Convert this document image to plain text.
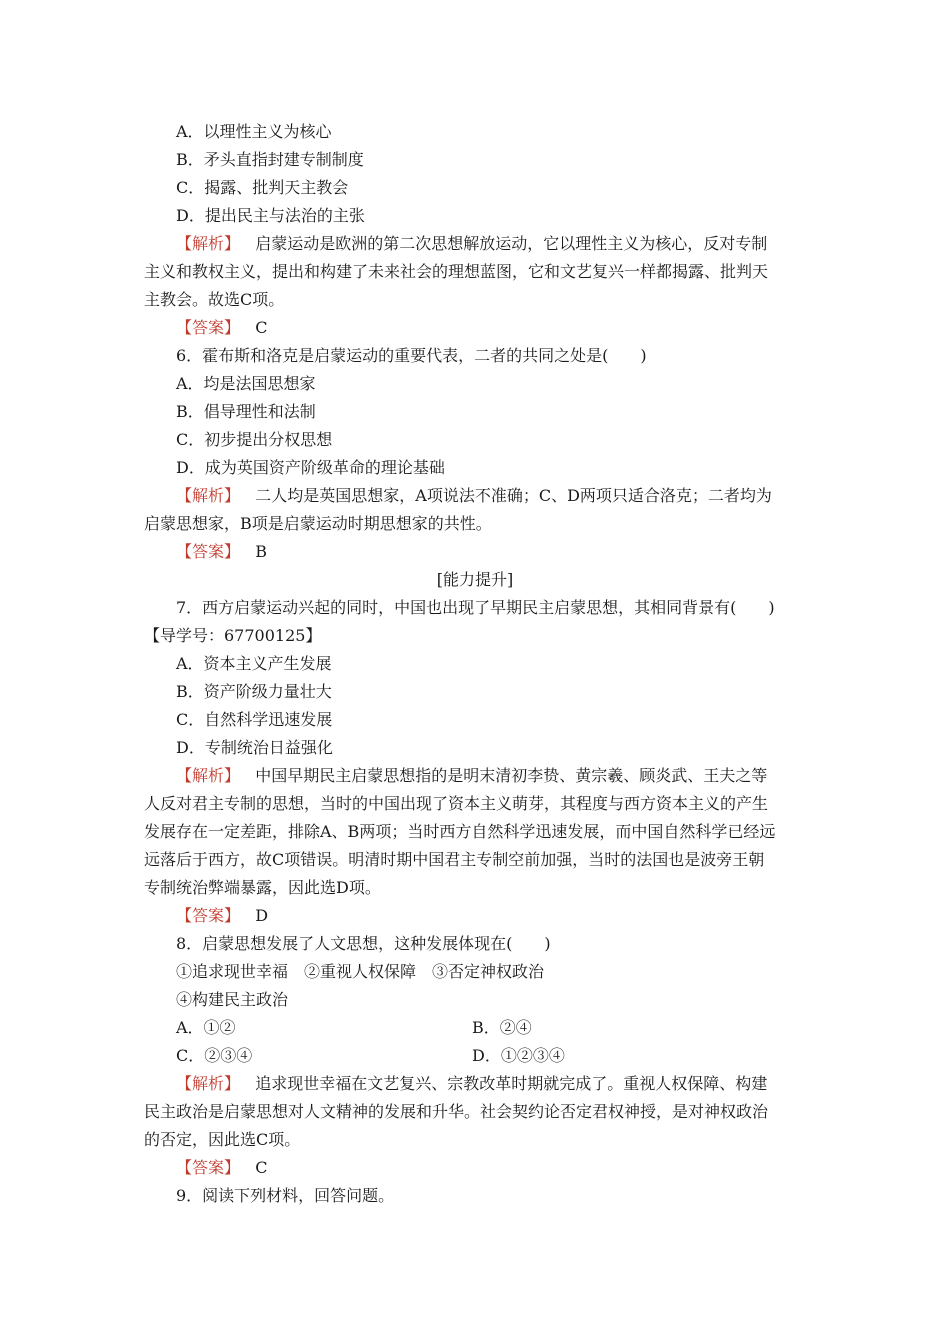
A．以理性主义为核心
B．矛头直指封建专制制度
C．揭露、批判天主教会
D．提出民主与法治的主张
【解析】 启蒙运动是欧洲的第二次思想解放运动，它以理性主义为核心，反对专制
主义和教权主义，提出和构建了未来社会的理想蓝图，它和文艺复兴一样都揭露、批判天
主教会。故选C项。
【答案】 C
6．霍布斯和洛克是启蒙运动的重要代表，二者的共同之处是(　　)
A．均是法国思想家
B．倡导理性和法制
C．初步提出分权思想
D．成为英国资产阶级革命的理论基础
【解析】 二人均是英国思想家，A项说法不准确；C、D两项只适合洛克；二者均为
启蒙思想家，B项是启蒙运动时期思想家的共性。
【答案】 B
[能力提升]
7．西方启蒙运动兴起的同时，中国也出现了早期民主启蒙思想，其相同背景有(　　)
【导学号：67700125】
A．资本主义产生发展
B．资产阶级力量壮大
C．自然科学迅速发展
D．专制统治日益强化
【解析】 中国早期民主启蒙思想指的是明末清初李贽、黄宗羲、顾炎武、王夫之等
人反对君主专制的思想，当时的中国出现了资本主义萌芽，其程度与西方资本主义的产生
发展存在一定差距，排除A、B两项；当时西方自然科学迅速发展，而中国自然科学已经远
远落后于西方，故C项错误。明清时期中国君主专制空前加强，当时的法国也是波旁王朝
专制统治弊端暴露，因此选D项。
【答案】 D
8．启蒙思想发展了人文思想，这种发展体现在(　　)
①追求现世幸福　②重视人权保障　③否定神权政治
④构建民主政治
A．①②	B．②④
C．②③④	D．①②③④
【解析】 追求现世幸福在文艺复兴、宗教改革时期就完成了。重视人权保障、构建
民主政治是启蒙思想对人文精神的发展和升华。社会契约论否定君权神授，是对神权政治
的否定，因此选C项。
【答案】 C
9．阅读下列材料，回答问题。
